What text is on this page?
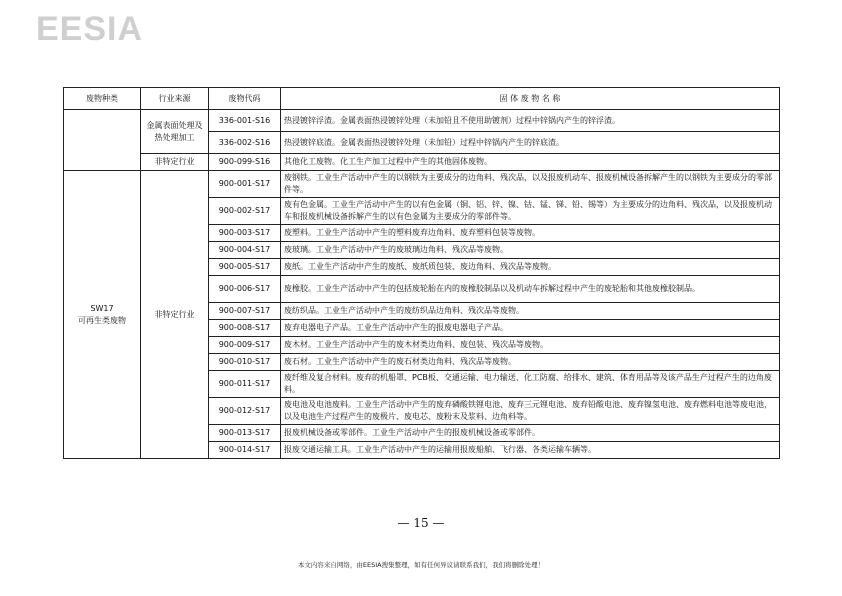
EESIA
废物种类	行业来源	废物代码	固 体 废 物 名 称
	金属表面处理及热处理加工	336-001-S16	热浸镀锌浮渣。金属表面热浸镀锌处理（未加铅且不使用助镀剂）过程中锌锅内产生的锌浮渣。
		336-002-S16	热浸镀锌底渣。金属表面热浸镀锌处理（未加铅）过程中锌锅内产生的锌底渣。
	非特定行业	900-099-S16	其他化工废物。化工生产加工过程中产生的其他固体废物。

SW17
可再生类废物	非特定行业	900-001-S17	废钢铁。工业生产活动中产生的以钢铁为主要成分的边角料、残次品，以及报废机动车、报废机械设备拆解产生的以钢铁为主要成分的零部件等。
		900-002-S17	废有色金属。工业生产活动中产生的以有色金属（铜、铝、锌、镍、钴、锰、锑、铅、锡等）为主要成分的边角料、残次品，以及报废机动车和报废机械设备拆解产生的以有色金属为主要成分的零部件等。
		900-003-S17	废塑料。工业生产活动中产生的塑料废弃边角料、废弃塑料包装等废物。
		900-004-S17	废玻璃。工业生产活动中产生的废玻璃边角料、残次品等废物。
		900-005-S17	废纸。工业生产活动中产生的废纸、废纸质包装、废边角料、残次品等废物。
		900-006-S17	废橡胶。工业生产活动中产生的包括废轮胎在内的废橡胶制品以及机动车拆解过程中产生的废轮胎和其他废橡胶制品。
		900-007-S17	废纺织品。工业生产活动中产生的废纺织品边角料、残次品等废物。
		900-008-S17	废弃电器电子产品。工业生产活动中产生的报废电器电子产品。
		900-009-S17	废木材。工业生产活动中产生的废木材类边角料、废包装、残次品等废物。
		900-010-S17	废石材。工业生产活动中产生的废石材类边角料、残次品等废物。
		900-011-S17	废纤维及复合材料。废弃的机船罩、PCB板、交通运输、电力输送、化工防腐、给排水、建筑、体育用品等及该产品生产过程产生的边角废料。
		900-012-S17	废电池及电池废料。工业生产活动中产生的废弃磷酸铁锂电池、废弃三元锂电池、废弃铅酸电池、废弃镍氢电池、废弃燃料电池等废电池，以及电池生产过程产生的废极片、废电芯、废粉末及浆料、边角料等。
		900-013-S17	报废机械设备或零部件。工业生产活动中产生的报废机械设备或零部件。
		900-014-S17	报废交通运输工具。工业生产活动中产生的运输用报废船舶、飞行器、各类运输车辆等。
— 15 —
本文内容来自网络，由EESIA搜集整理，如有任何异议请联系我们，我们将删除处理！
